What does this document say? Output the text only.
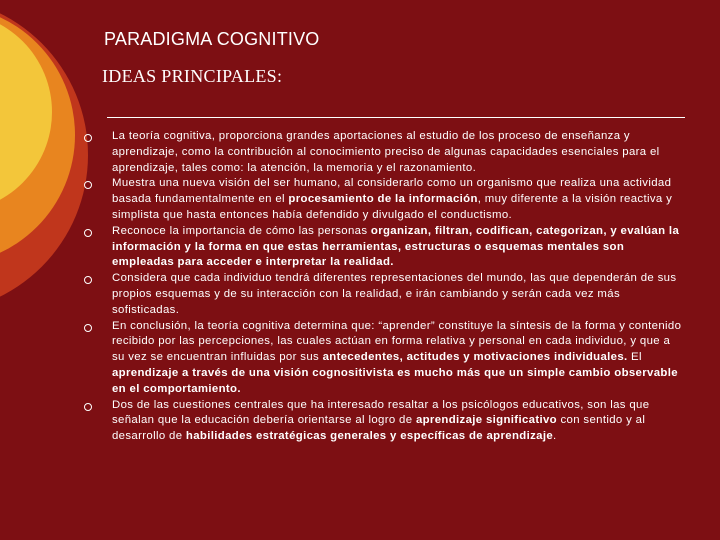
PARADIGMA COGNITIVO
IDEAS PRINCIPALES:
La teoría cognitiva, proporciona grandes aportaciones al estudio de los proceso de enseñanza y aprendizaje, como la contribución al conocimiento preciso de algunas capacidades esenciales para el aprendizaje, tales como: la atención, la memoria y el razonamiento.
Muestra una nueva visión del ser humano, al considerarlo como un organismo que realiza una actividad basada fundamentalmente en el procesamiento de la información, muy diferente a la visión reactiva y simplista que hasta entonces había defendido y divulgado el conductismo.
Reconoce la importancia de cómo las personas organizan, filtran, codifican, categorizan, y evalúan la información y la forma en que estas herramientas, estructuras o esquemas mentales son empleadas para acceder e interpretar la realidad.
Considera que cada individuo tendrá diferentes representaciones del mundo, las que dependerán de sus propios esquemas y de su interacción con la realidad, e irán cambiando y serán cada vez más sofisticadas.
En conclusión, la teoría cognitiva determina que: “aprender” constituye la síntesis de la forma y contenido recibido por las percepciones, las cuales actúan en forma relativa y personal en cada individuo, y que a su vez se encuentran influidas por sus antecedentes, actitudes y motivaciones individuales. El aprendizaje a través de una visión cognositivista es mucho más que un simple cambio observable en el comportamiento.
Dos de las cuestiones centrales que ha interesado resaltar a los psicólogos educativos, son las que señalan que la educación debería orientarse al logro de aprendizaje significativo con sentido y al desarrollo de habilidades estratégicas generales y específicas de aprendizaje.
